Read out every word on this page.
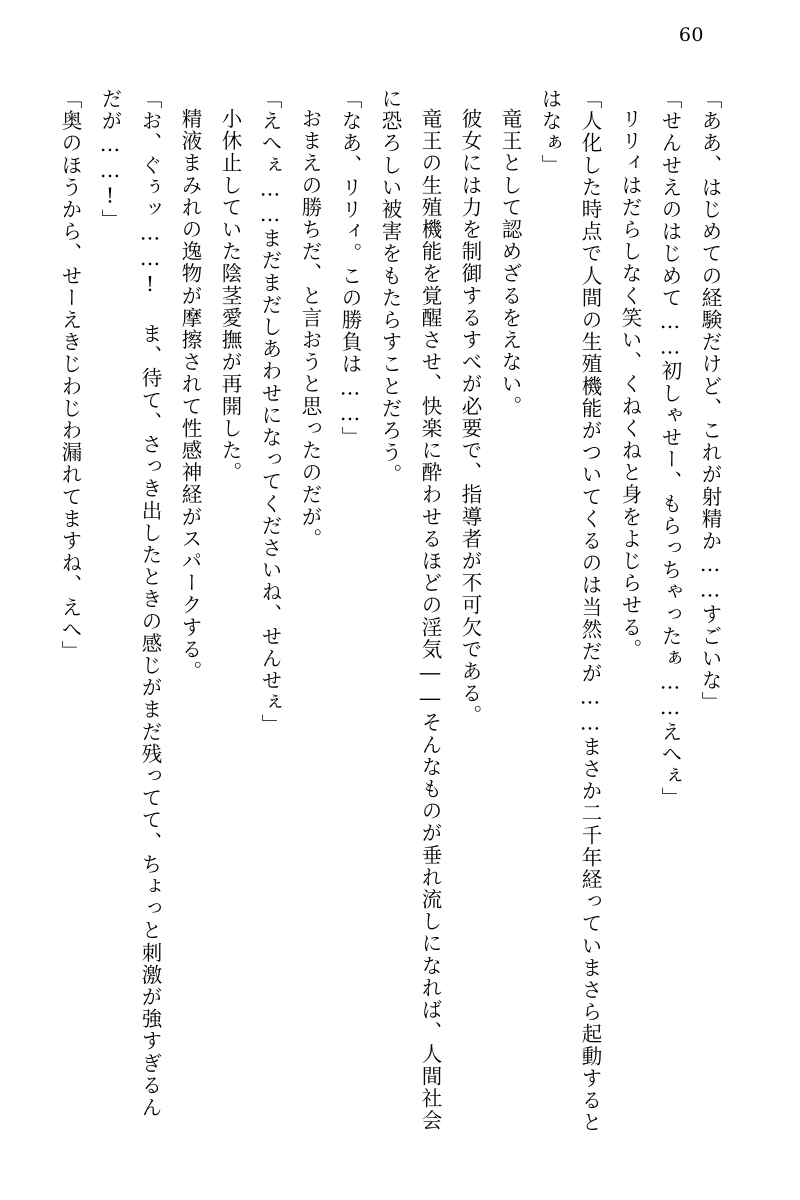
60

「ああ、はじめての経験だけど、これが射精か……すごいな」

「せんせえのはじめて……初しゃせー、もらっちゃったぁ……えへぇ」

リリィはだらしなく笑い、くねくねと身をよじらせる。

「人化した時点で人間の生殖機能がついてくるのは当然だが……まさか二千年経っていまさら起動するとはなぁ」

竜王として認めざるをえない。

彼女には力を制御するすべが必要で、指導者が不可欠である。

竜王の生殖機能を覚醒させ、快楽に酔わせるほどの淫気――そんなものが垂れ流しになれば、人間社会に恐ろしい被害をもたらすことだろう。

「なあ、リリィ。この勝負は……」

おまえの勝ちだ、と言おうと思ったのだが。

「えへぇ……まだまだしあわせになってくださいね、せんせぇ」

小休止していた陰茎愛撫が再開した。

精液まみれの逸物が摩擦されて性感神経がスパークする。

「お、ぐぅッ……! ま、待て、さっき出したときの感じがまだ残ってて、ちょっと刺激が強すぎるんだが……!」

「奥のほうから、せーえきじわじわ漏れてますね、えへ」
